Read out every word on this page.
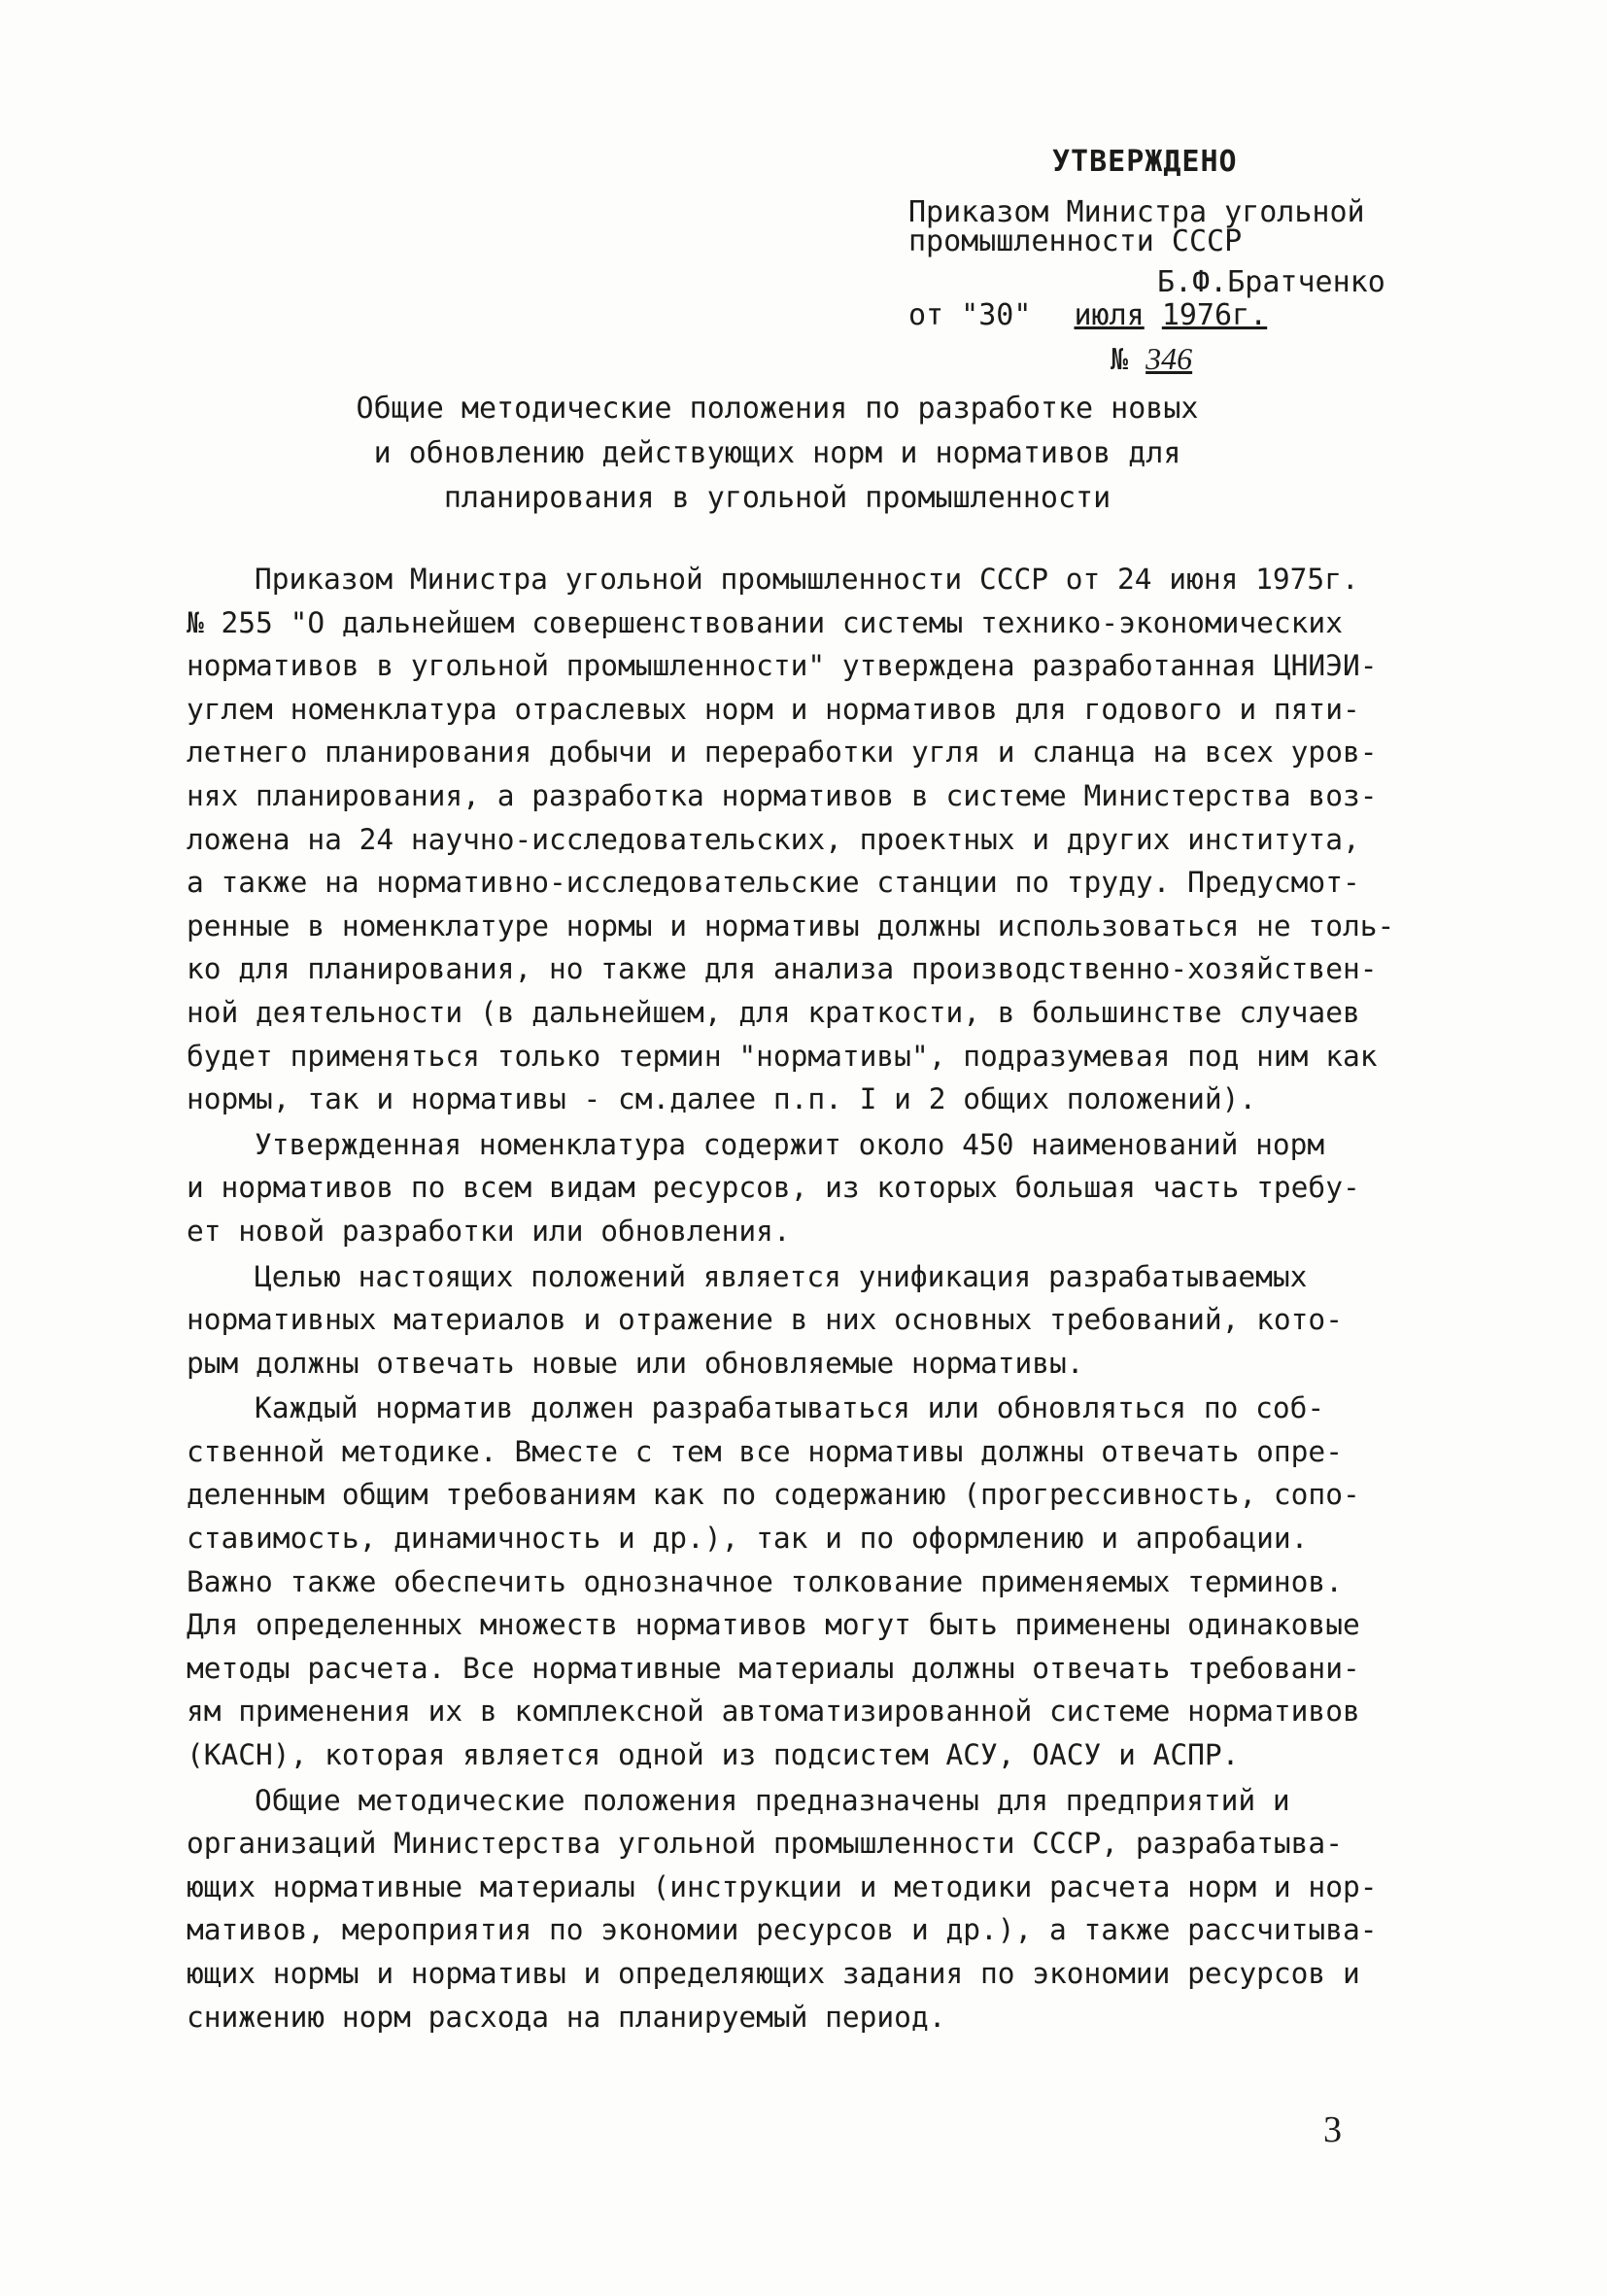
УТВЕРЖДЕНО
Приказом Министра угольной
промышленности СССР
Б.Ф.Братченко
от "30" июля 1976г.
№ 346
Общие методические положения по разработке новых
и обновлению действующих норм и нормативов для
планирования в угольной промышленности
Приказом Министра угольной промышленности СССР от 24 июня 1975г.
№ 255 "О дальнейшем совершенствовании системы технико-экономических
нормативов в угольной промышленности" утверждена разработанная ЦНИЭИ-
углем номенклатура отраслевых норм и нормативов для годового и пяти-
летнего планирования добычи и переработки угля и сланца на всех уров-
нях планирования, а разработка нормативов в системе Министерства воз-
ложена на 24 научно-исследовательских, проектных и других института,
а также на нормативно-исследовательские станции по труду. Предусмот-
ренные в номенклатуре нормы и нормативы должны использоваться не толь-
ко для планирования, но также для анализа производственно-хозяйствен-
ной деятельности (в дальнейшем, для краткости, в большинстве случаев
будет применяться только термин "нормативы", подразумевая под ним как
нормы, так и нормативы - см.далее п.п. I и 2 общих положений).
Утвержденная номенклатура содержит около 450 наименований норм
и нормативов по всем видам ресурсов, из которых большая часть требу-
ет новой разработки или обновления.
Целью настоящих положений является унификация разрабатываемых
нормативных материалов и отражение в них основных требований, кото-
рым должны отвечать новые или обновляемые нормативы.
Каждый норматив должен разрабатываться или обновляться по соб-
ственной методике. Вместе с тем все нормативы должны отвечать опре-
деленным общим требованиям как по содержанию (прогрессивность, сопо-
ставимость, динамичность и др.), так и по оформлению и апробации.
Важно также обеспечить однозначное толкование применяемых терминов.
Для определенных множеств нормативов могут быть применены одинаковые
методы расчета. Все нормативные материалы должны отвечать требовани-
ям применения их в комплексной автоматизированной системе нормативов
(КАСН), которая является одной из подсистем АСУ, ОАСУ и АСПР.
Общие методические положения предназначены для предприятий и
организаций Министерства угольной промышленности СССР, разрабатыва-
ющих нормативные материалы (инструкции и методики расчета норм и нор-
мативов, мероприятия по экономии ресурсов и др.), а также рассчитыва-
ющих нормы и нормативы и определяющих задания по экономии ресурсов и
снижению норм расхода на планируемый период.
3
